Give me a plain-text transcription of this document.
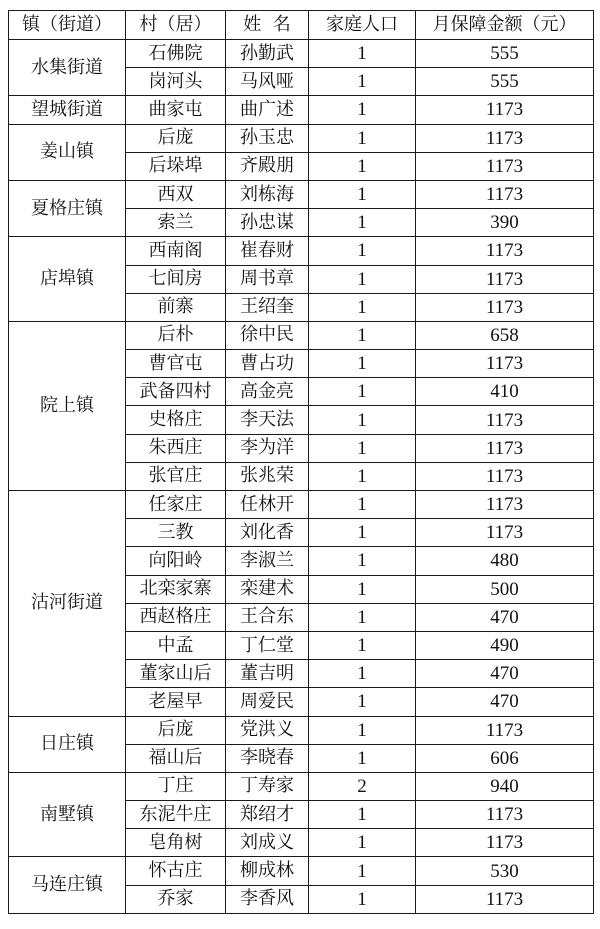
镇（街道）	村（居）	姓  名	家庭人口	月保障金额（元）
水集街道	石佛院	孙勤武	1	555
	岗河头	马风哑	1	555
望城街道	曲家屯	曲广述	1	1173
姜山镇	后庞	孙玉忠	1	1173
	后垛埠	齐殿朋	1	1173
夏格庄镇	西双	刘栋海	1	1173
	索兰	孙忠谋	1	390
店埠镇	西南阁	崔春财	1	1173
	七间房	周书章	1	1173
	前寨	王绍奎	1	1173
院上镇	后朴	徐中民	1	658
	曹官屯	曹占功	1	1173
	武备四村	高金亮	1	410
	史格庄	李天法	1	1173
	朱西庄	李为洋	1	1173
	张官庄	张兆荣	1	1173
沽河街道	任家庄	任林开	1	1173
	三教	刘化香	1	1173
	向阳岭	李淑兰	1	480
	北栾家寨	栾建术	1	500
	西赵格庄	王合东	1	470
	中孟	丁仁堂	1	490
	董家山后	董吉明	1	470
	老屋早	周爱民	1	470
日庄镇	后庞	党洪义	1	1173
	福山后	李晓春	1	606
南墅镇	丁庄	丁寿家	2	940
	东泥牛庄	郑绍才	1	1173
	皂角树	刘成义	1	1173
马连庄镇	怀古庄	柳成林	1	530
	乔家	李香风	1	1173
